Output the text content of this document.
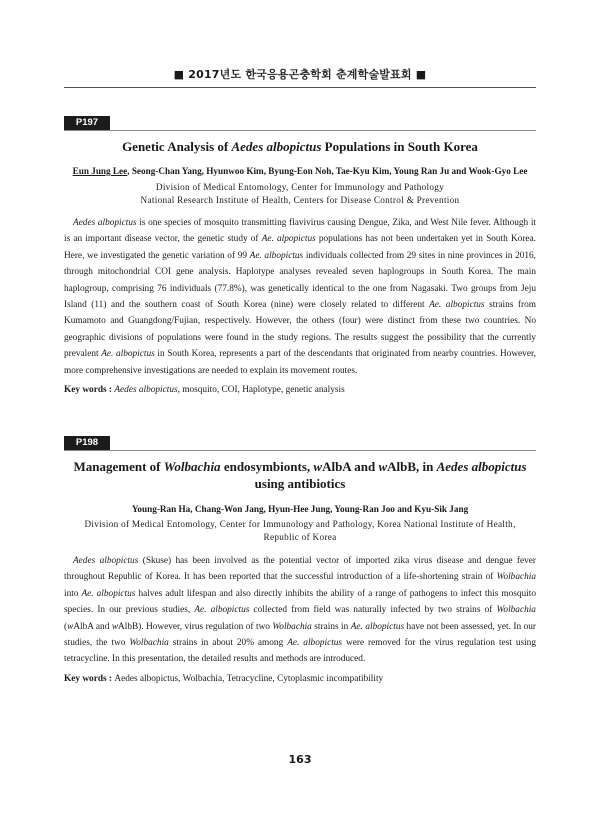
■ 2017년도 한국응용곤충학회 춘계학술발표회 ■
P197
Genetic Analysis of Aedes albopictus Populations in South Korea
Eun Jung Lee, Seong-Chan Yang, Hyunwoo Kim, Byung-Eon Noh, Tae-Kyu Kim, Young Ran Ju and Wook-Gyo Lee
Division of Medical Entomology, Center for Immunology and Pathology
National Research Institute of Health, Centers for Disease Control & Prevention

Aedes albopictus is one species of mosquito transmitting flavivirus causing Dengue, Zika, and West Nile fever. Although it is an important disease vector, the genetic study of Ae. alpopictus populations has not been undertaken yet in South Korea. Here, we investigated the genetic variation of 99 Ae. albopictus individuals collected from 29 sites in nine provinces in 2016, through mitochondrial COI gene analysis. Haplotype analyses revealed seven haplogroups in South Korea. The main haplogroup, comprising 76 individuals (77.8%), was genetically identical to the one from Nagasaki. Two groups from Jeju Island (11) and the southern coast of South Korea (nine) were closely related to different Ae. albopictus strains from Kumamoto and Guangdong/Fujian, respectively. However, the others (four) were distinct from these two countries. No geographic divisions of populations were found in the study regions. The results suggest the possibility that the currently prevalent Ae. albopictus in South Korea, represents a part of the descendants that originated from nearby countries. However, more comprehensive investigations are needed to explain its movement routes.

Key words : Aedes albopictus, mosquito, COI, Haplotype, genetic analysis
P198
Management of Wolbachia endosymbionts, wAlbA and wAlbB, in Aedes albopictus using antibiotics
Young-Ran Ha, Chang-Won Jang, Hyun-Hee Jung, Young-Ran Joo and Kyu-Sik Jang
Division of Medical Entomology, Center for Immunology and Pathology, Korea National Institute of Health,
Republic of Korea

Aedes albopictus (Skuse) has been involved as the potential vector of imported zika virus disease and dengue fever throughout Republic of Korea. It has been reported that the successful introduction of a life-shortening strain of Wolbachia into Ae. albopictus halves adult lifespan and also directly inhibits the ability of a range of pathogens to infect this mosquito species. In our previous studies, Ae. albopictus collected from field was naturally infected by two strains of Wolbachia (wAlbA and wAlbB). However, virus regulation of two Wolbachia strains in Ae. albopictus have not been assessed, yet. In our studies, the two Wolbachia strains in about 20% among Ae. albopictus were removed for the virus regulation test using tetracycline. In this presentation, the detailed results and methods are introduced.

Key words : Aedes albopictus, Wolbachia, Tetracycline, Cytoplasmic incompatibility
163
